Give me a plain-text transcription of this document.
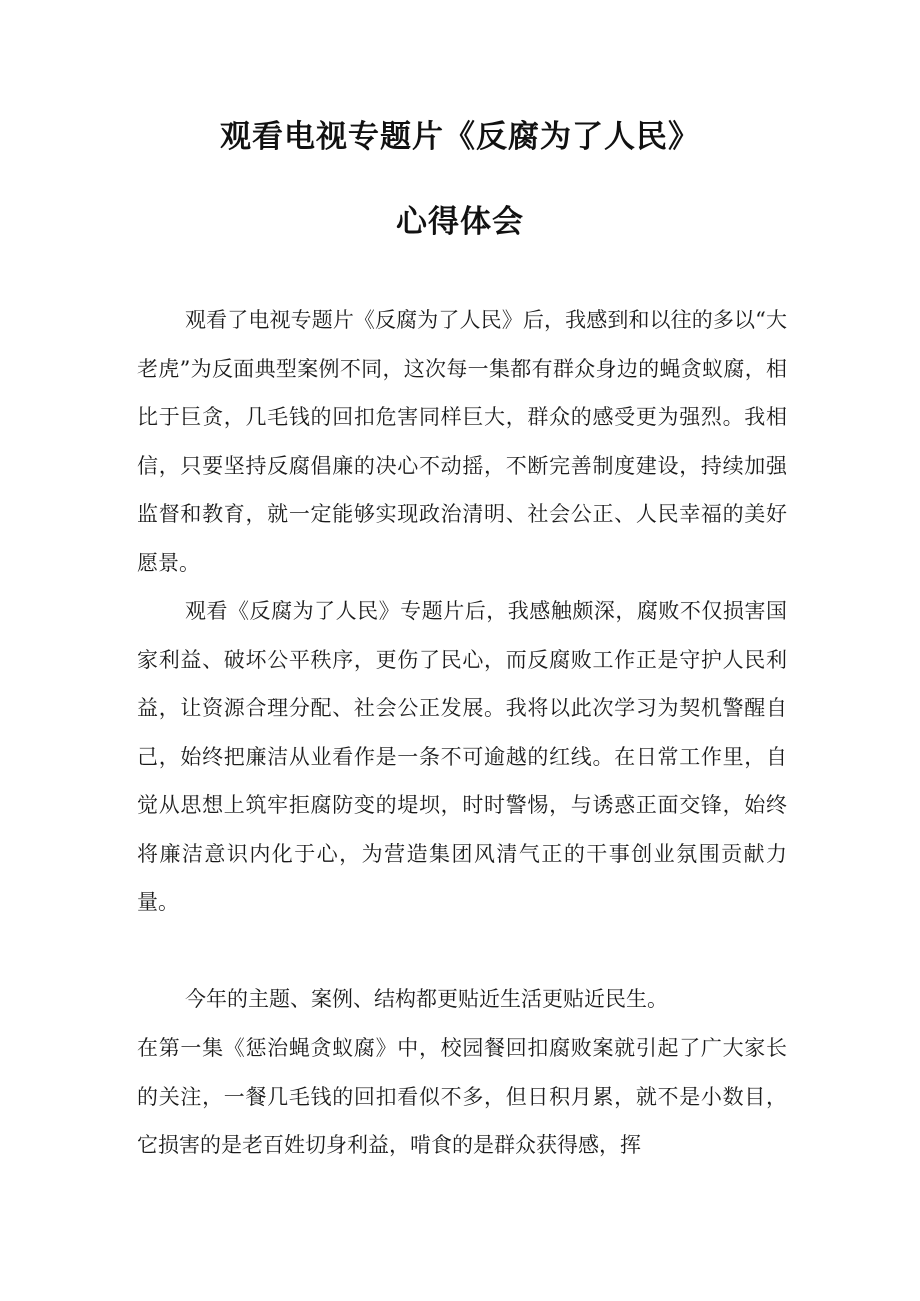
观看电视专题片《反腐为了人民》
心得体会

观看了电视专题片《反腐为了人民》后，我感到和以往的多以“大老虎”为反面典型案例不同，这次每一集都有群众身边的蝇贪蚁腐，相比于巨贪，几毛钱的回扣危害同样巨大，群众的感受更为强烈。我相信，只要坚持反腐倡廉的决心不动摇，不断完善制度建设，持续加强监督和教育，就一定能够实现政治清明、社会公正、人民幸福的美好愿景。

观看《反腐为了人民》专题片后，我感触颇深，腐败不仅损害国家利益、破坏公平秩序，更伤了民心，而反腐败工作正是守护人民利益，让资源合理分配、社会公正发展。我将以此次学习为契机警醒自己，始终把廉洁从业看作是一条不可逾越的红线。在日常工作里，自觉从思想上筑牢拒腐防变的堤坝，时时警惕，与诱惑正面交锋，始终将廉洁意识内化于心，为营造集团风清气正的干事创业氛围贡献力量。

今年的主题、案例、结构都更贴近生活更贴近民生。

在第一集《惩治蝇贪蚁腐》中，校园餐回扣腐败案就引起了广大家长的关注，一餐几毛钱的回扣看似不多，但日积月累，就不是小数目，它损害的是老百姓切身利益，啃食的是群众获得感，挥
